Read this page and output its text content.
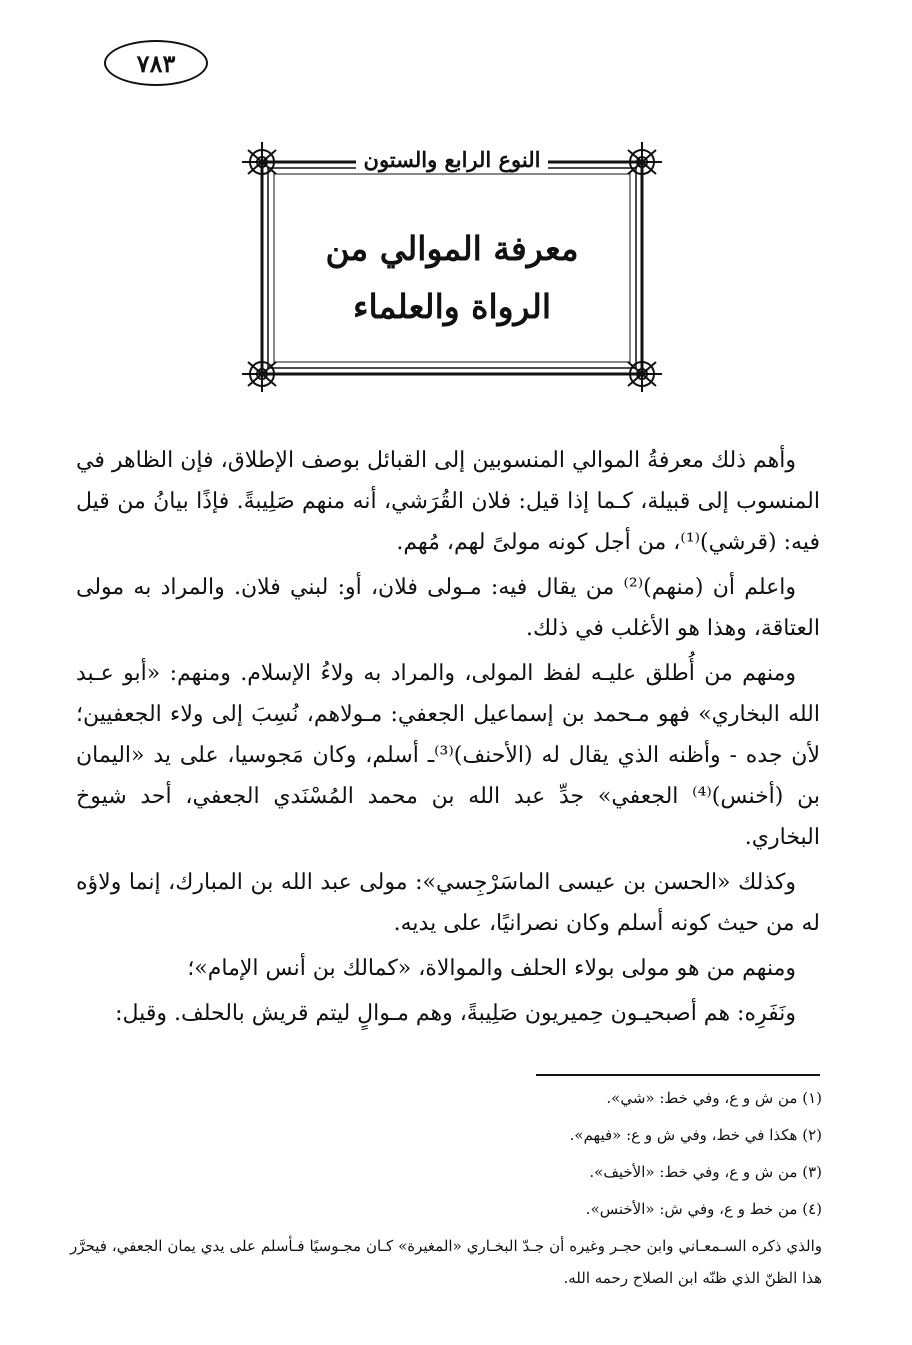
٧٨٣
النوع الرابع والستون
معرفة الموالي من الرواة والعلماء

وأهم ذلك معرفةُ الموالي المنسوبين إلى القبائل بوصف الإطلاق، فإن الظاهر في المنسوب إلى قبيلة، كـما إذا قيل: فلان القُرَشي، أنه منهم صَلِيبةً. فإذًا بيانُ من قيل فيه: (قرشي)⁽¹⁾، من أجل كونه مولىً لهم، مُهم.

واعلم أن (منهم)⁽²⁾ من يقال فيه: مـولى فلان، أو: لبني فلان. والمراد به مولى العتاقة، وهذا هو الأغلب في ذلك.

ومنهم من أُطلق عليـه لفظ المولى، والمراد به ولاءُ الإسلام. ومنهم: «أبو عـبد الله البخاري» فهو مـحمد بن إسماعيل الجعفي: مـولاهم، نُسِبَ إلى ولاء الجعفيين؛ لأن جده - وأظنه الذي يقال له (الأحنف)⁽³⁾ـ أسلم، وكان مَجوسيا، على يد «اليمان بن (أخنس)⁽⁴⁾ الجعفي» جدِّ عبد الله بن محمد المُسْنَدي الجعفي، أحد شيوخ البخاري.

وكذلك «الحسن بن عيسى الماسَرْجِسي»: مولى عبد الله بن المبارك، إنما ولاؤه له من حيث كونه أسلم وكان نصرانيًا، على يديه.

ومنهم من هو مولى بولاء الحلف والموالاة، «كمالك بن أنس الإمام»؛

ونَفَرِه: هم أصبحيـون حِميريون صَلِيبةً، وهم مـوالٍ ليتم قريش بالحلف. وقيل:

(١) من ش و ع، وفي خط: «شي».
(٢) هكذا في خط، وفي ش و ع: «فيهم».
(٣) من ش و ع، وفي خط: «الأخيف».
(٤) من خط و ع، وفي ش: «الأخنس».
والذي ذكره السـمعـاني وابن حجـر وغيره أن جـدّ البخـاري «المغيرة» كـان مجـوسيًا فـأسلم على يدي يمان الجعفي، فيحرَّر هذا الظنّ الذي ظنّه ابن الصلاح رحمه الله.
